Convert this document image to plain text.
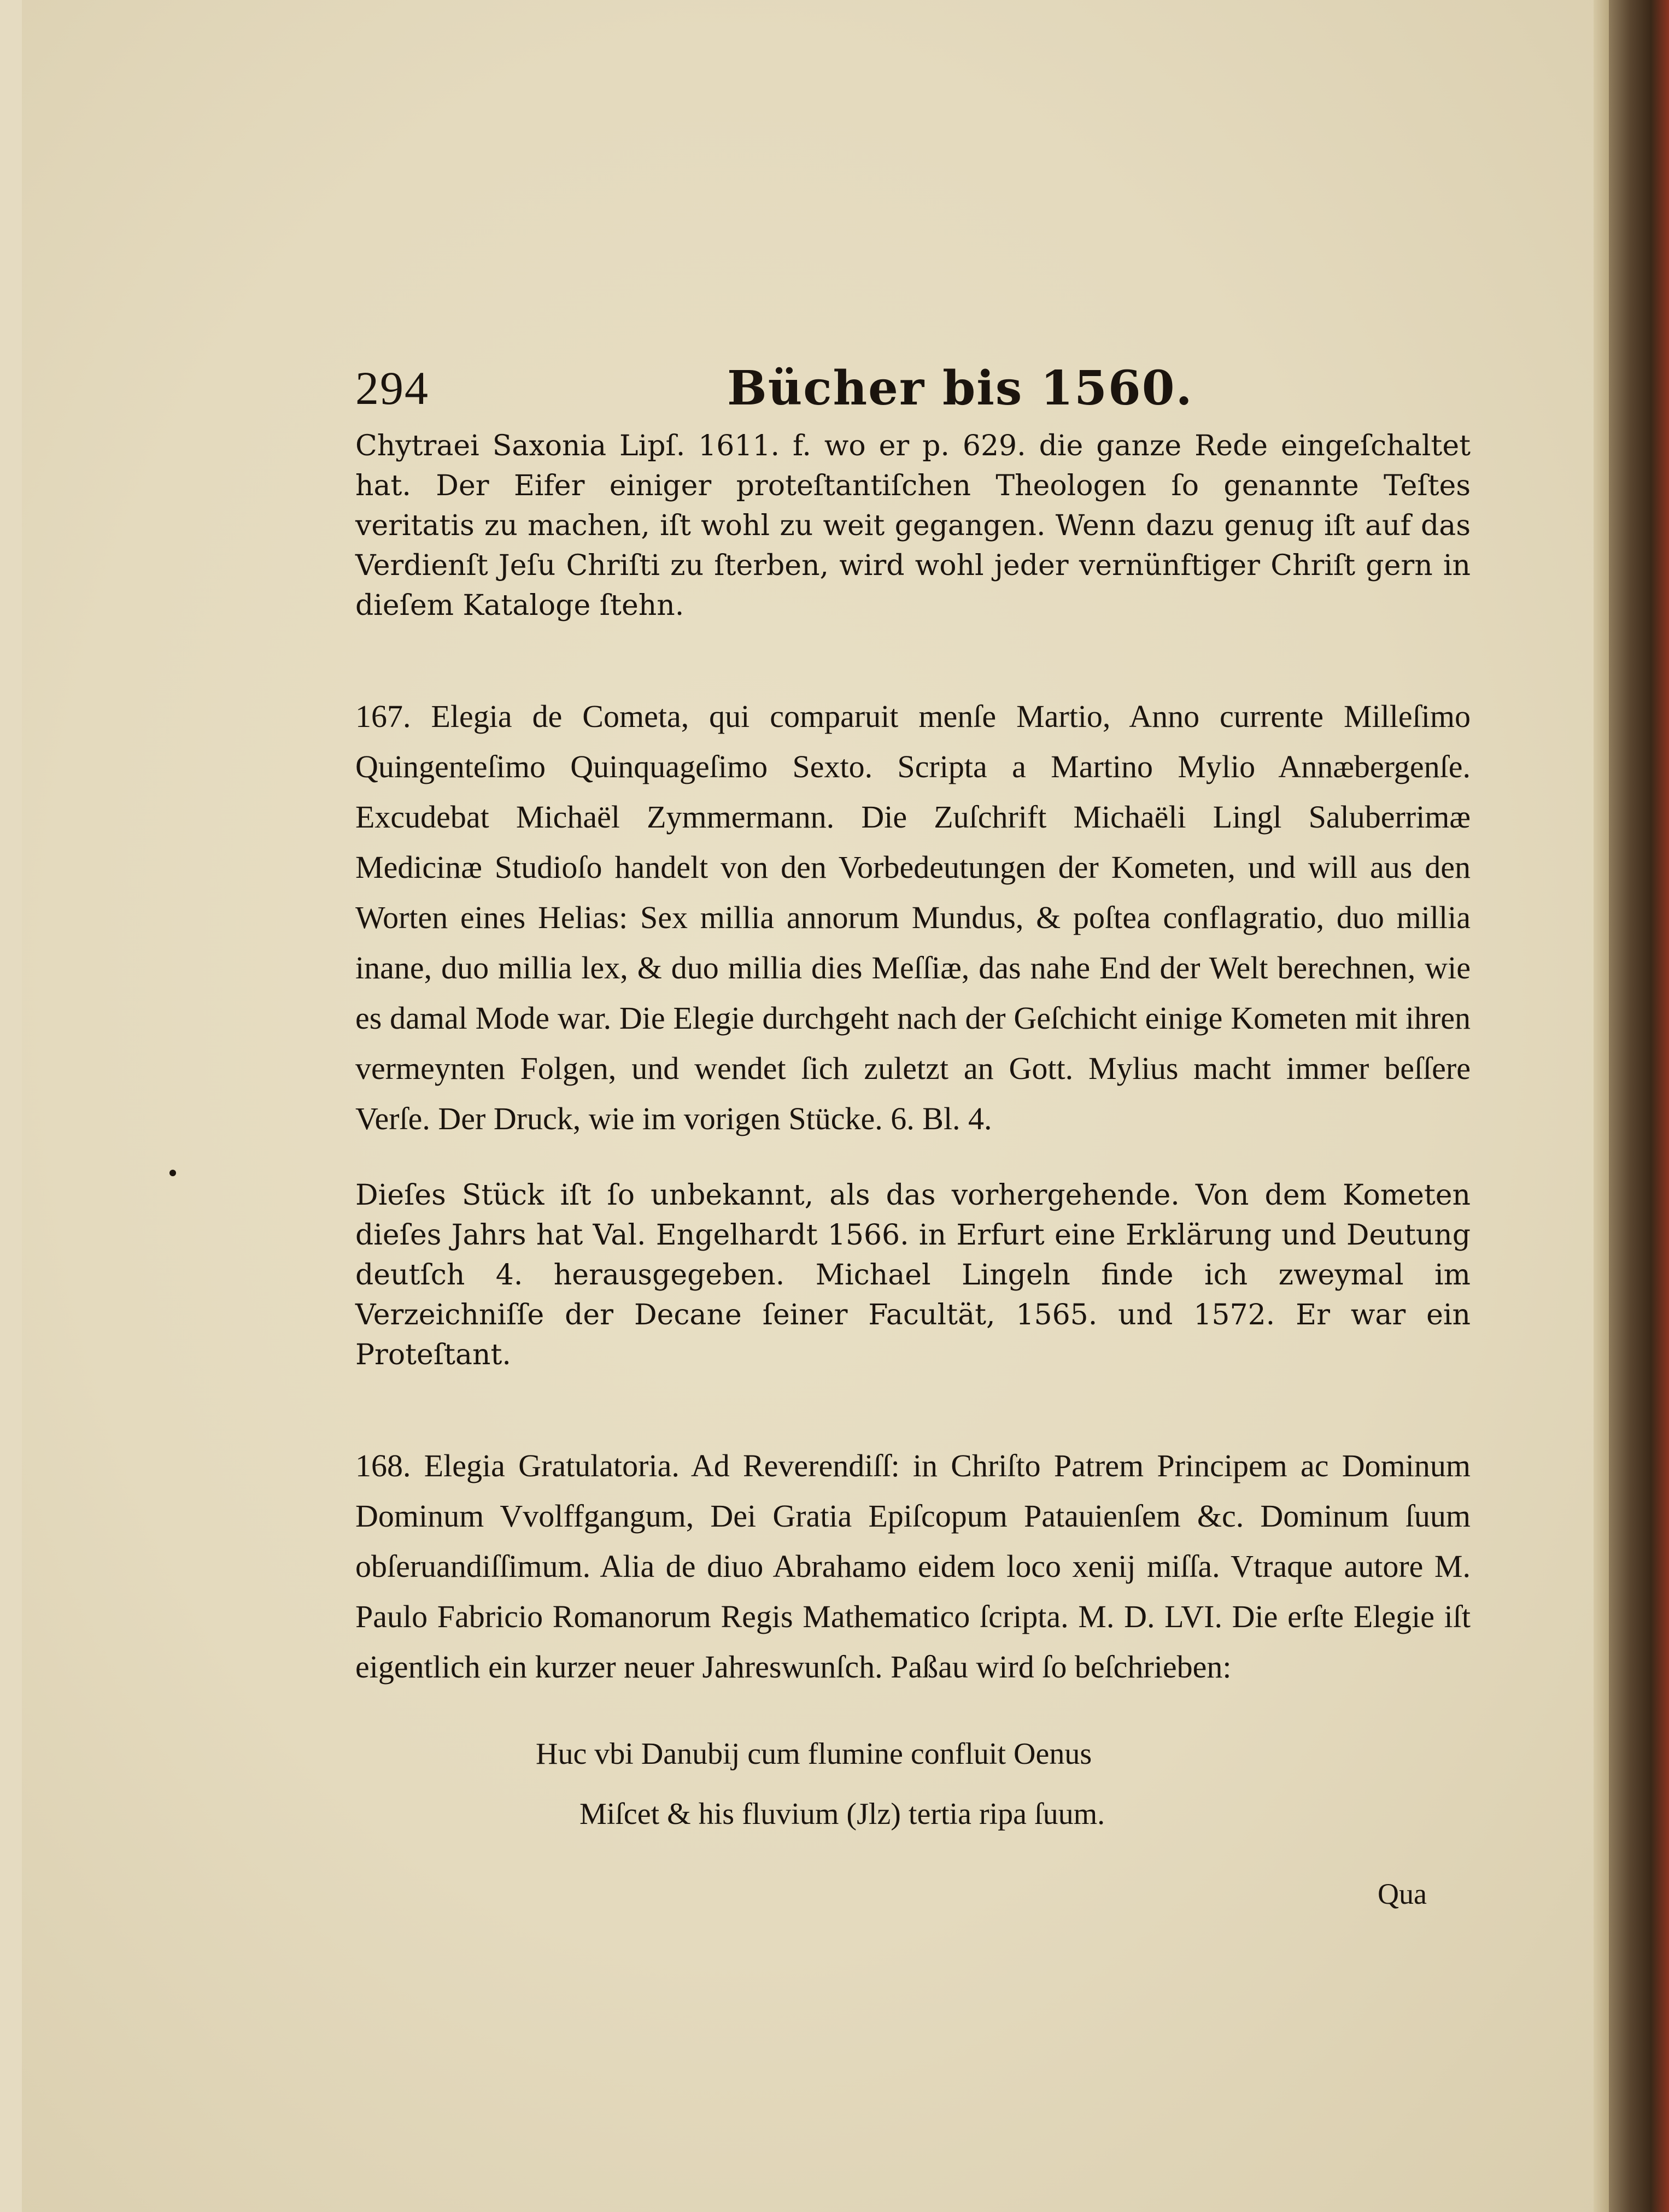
294	Bücher bis 1560.

Chytraei Saxonia Lipſ. 1611. f. wo er p. 629. die ganze Rede eingeſchaltet hat. Der Eifer einiger proteſtantiſchen Theologen ſo genannte Teſtes veritatis zu machen, iſt wohl zu weit gegangen. Wenn dazu genug iſt auf das Verdienſt Jeſu Chriſti zu ſterben, wird wohl jeder vernünftiger Chriſt gern in dieſem Kataloge ſtehn.

167. Elegia de Cometa, qui comparuit menſe Martio, Anno currente Milleſimo Quingenteſimo Quinquageſimo Sexto. Scripta a Martino Mylio Annæbergenſe. Excudebat Michaël Zymmermann. Die Zuſchrift Michaëli Lingl Saluberrimæ Medicinæ Studioſo handelt von den Vorbedeutungen der Kometen, und will aus den Worten eines Helias: Sex millia annorum Mundus, & poſtea conflagratio, duo millia inane, duo millia lex, & duo millia dies Meſſiæ, das nahe End der Welt berechnen, wie es damal Mode war. Die Elegie durchgeht nach der Geſchicht einige Kometen mit ihren vermeynten Folgen, und wendet ſich zuletzt an Gott. Mylius macht immer beſſere Verſe. Der Druck, wie im vorigen Stücke. 6. Bl. 4.

Dieſes Stück iſt ſo unbekannt, als das vorhergehende. Von dem Kometen dieſes Jahrs hat Val. Engelhardt 1566. in Erfurt eine Erklärung und Deutung deutſch 4. herausgegeben. Michael Lingeln finde ich zweymal im Verzeichniſſe der Decane ſeiner Facultät, 1565. und 1572. Er war ein Proteſtant.

168. Elegia Gratulatoria. Ad Reverendiſſ: in Chriſto Patrem Principem ac Dominum Dominum Vvolffgangum, Dei Gratia Epiſcopum Patauienſem &c. Dominum ſuum obſeruandiſſimum. Alia de diuo Abrahamo eidem loco xenij miſſa. Vtraque autore M. Paulo Fabricio Romanorum Regis Mathematico ſcripta. M. D. LVI. Die erſte Elegie iſt eigentlich ein kurzer neuer Jahreswunſch. Paßau wird ſo beſchrieben:

Huc vbi Danubij cum flumine confluit Oenus
Miſcet & his fluvium (Jlz) tertia ripa ſuum.
Qua
